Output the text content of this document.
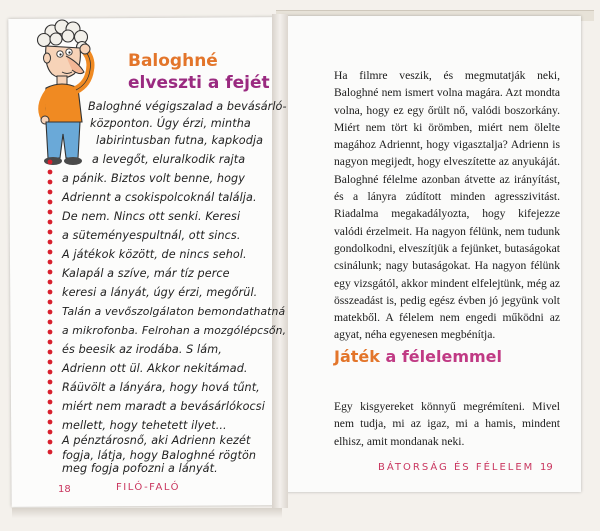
Baloghné
elveszti a fejét
Baloghné végigszalad a bevásárló-
központon. Úgy érzi, mintha
labirintusban futna, kapkodja
a levegőt, eluralkodik rajta
a pánik. Biztos volt benne, hogy
Adriennt a csokispolcoknál találja.
De nem. Nincs ott senki. Keresi
a süteményespultnál, ott sincs.
A játékok között, de nincs sehol.
Kalapál a szíve, már tíz perce
keresi a lányát, úgy érzi, megőrül.
Talán a vevőszolgálaton bemondathatná
a mikrofonba. Felrohan a mozgólépcsőn,
és beesik az irodába. S lám,
Adrienn ott ül. Akkor nekitámad.
Ráüvölt a lányára, hogy hová tűnt,
miért nem maradt a bevásárlókocsi
mellett, hogy tehetett ilyet...
A pénztárosnő, aki Adrienn kezét
fogja, látja, hogy Baloghné rögtön
18	FILÓ-FALÓ
Ha filmre veszik, és megmutatják neki, Baloghné nem ismert volna magára. Azt mondta volna, hogy ez egy őrült nő, valódi boszorkány. Miért nem tört ki örömben, miért nem ölelte magához Adriennt, hogy vigasztalja? Adrienn is nagyon megijedt, hogy elveszítette az anyukáját. Baloghné félelme azonban átvette az irányítást, és a lányra zúdított minden agresszivitást. Riadalma megakadályozta, hogy kifejezze valódi érzelmeit. Ha nagyon félünk, nem tudunk gondolkodni, elveszítjük a fejünket, butaságokat csinálunk; nagy butaságokat. Ha nagyon félünk egy vizsgától, akkor mindent elfelejtünk, még az összeadást is, pedig egész évben jó jegyünk volt matekből. A félelem nem engedi működni az agyat, néha egyenesen megbénítja.
Játék a félelemmel
Egy kisgyereket könnyű megrémíteni. Mivel nem tudja, mi az igaz, mi a hamis, mindent elhisz, amit mondanak neki.
BÁTORSÁG ÉS FÉLELEM 19
meg fogja pofozni a lányát.
